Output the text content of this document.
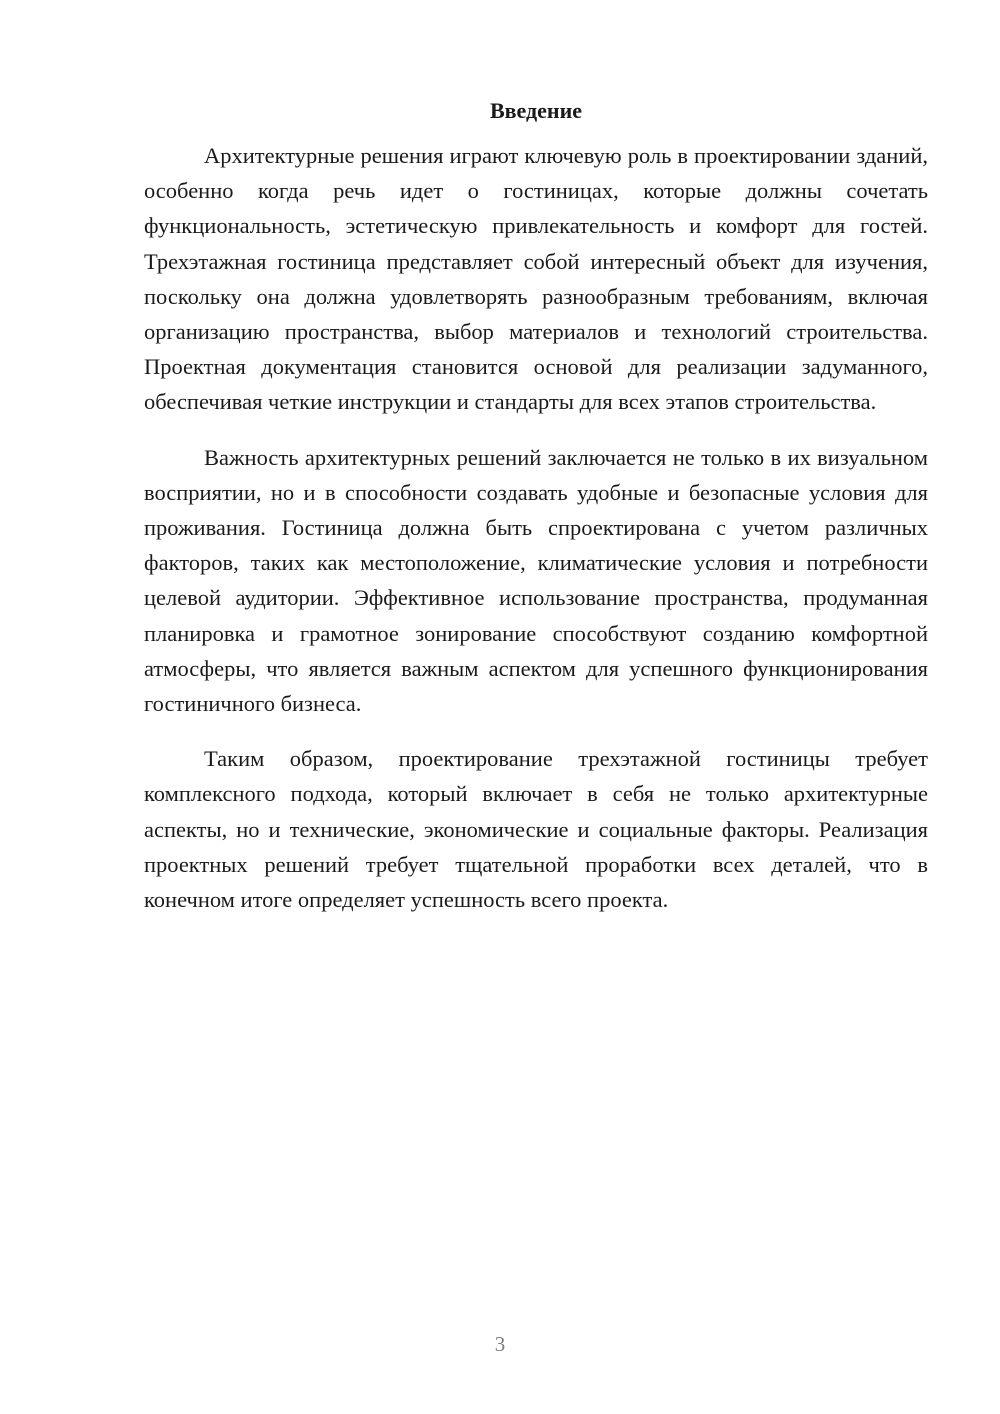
Введение

Архитектурные решения играют ключевую роль в проектировании зданий, особенно когда речь идет о гостиницах, которые должны сочетать функциональность, эстетическую привлекательность и комфорт для гостей. Трехэтажная гостиница представляет собой интересный объект для изучения, поскольку она должна удовлетворять разнообразным требованиям, включая организацию пространства, выбор материалов и технологий строительства. Проектная документация становится основой для реализации задуманного, обеспечивая четкие инструкции и стандарты для всех этапов строительства.

Важность архитектурных решений заключается не только в их визуальном восприятии, но и в способности создавать удобные и безопасные условия для проживания. Гостиница должна быть спроектирована с учетом различных факторов, таких как местоположение, климатические условия и потребности целевой аудитории. Эффективное использование пространства, продуманная планировка и грамотное зонирование способствуют созданию комфортной атмосферы, что является важным аспектом для успешного функционирования гостиничного бизнеса.

Таким образом, проектирование трехэтажной гостиницы требует комплексного подхода, который включает в себя не только архитектурные аспекты, но и технические, экономические и социальные факторы. Реализация проектных решений требует тщательной проработки всех деталей, что в конечном итоге определяет успешность всего проекта.

3
